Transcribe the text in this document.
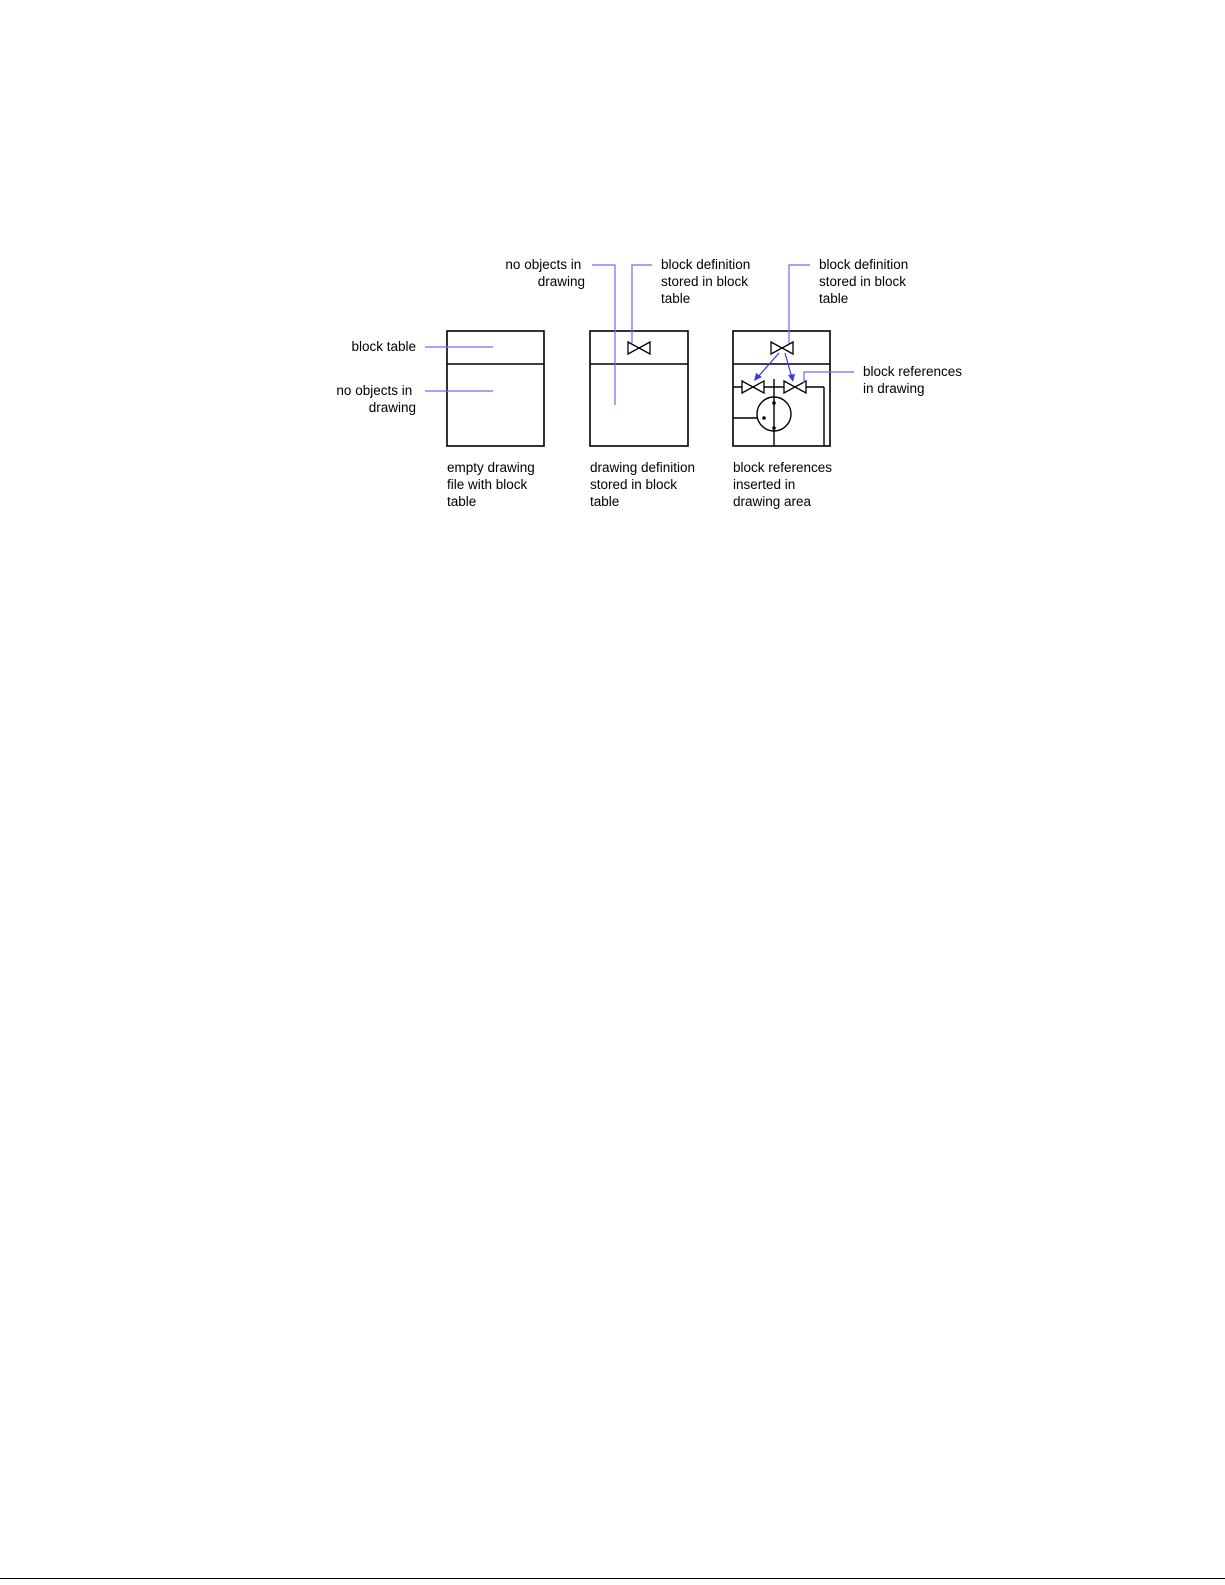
block table
no objects in drawing
empty drawing file with block table
no objects in drawing
block definition stored in block table
drawing definition stored in block table
block definition stored in block table
block references in drawing
block references inserted in drawing area
